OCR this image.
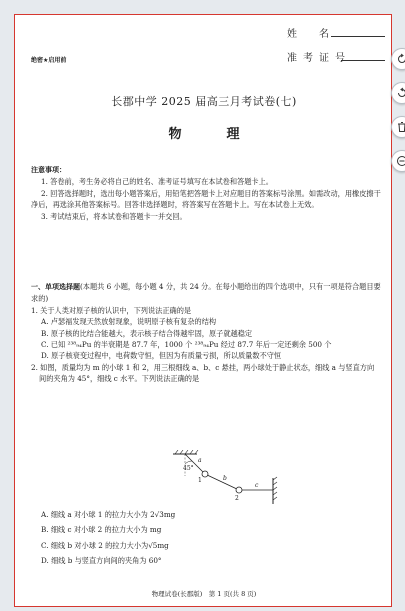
姓　名
准考证号
绝密★启用前
长郡中学 2025 届高三月考试卷(七)
物　理

注意事项：

1. 答卷前，考生务必将自己的姓名、准考证号填写在本试卷和答题卡上。

2. 回答选择题时，选出每小题答案后，用铅笔把答题卡上对应题目的答案标号涂黑。如需改动，用橡皮擦干净后，再选涂其他答案标号。回答非选择题时，将答案写在答题卡上。写在本试卷上无效。

3. 考试结束后，将本试卷和答题卡一并交回。

一、单项选择题(本题共 6 小题，每小题 4 分，共 24 分。在每小题给出的四个选项中，只有一项是符合题目要求的)

1. 关于人类对原子核的认识中，下列说法正确的是

A. 卢瑟福发现天然放射现象，说明原子核有复杂的结构

B. 原子核的比结合能越大，表示核子结合得越牢固，原子就越稳定

C. 已知 ²³⁸₉₄Pu 的半衰期是 87.7 年，1000 个 ²³⁸₉₄Pu 经过 87.7 年后一定还剩余 500 个

D. 原子核衰变过程中，电荷数守恒，但因为有质量亏损，所以质量数不守恒

2. 如图，质量均为 m 的小球 1 和 2，用三根细线 a、b、c 悬挂，两小球处于静止状态，细线 a 与竖直方向间的夹角为 45°，细线 c 水平。下列说法正确的是

45°
a
b
c
1
2

A. 细线 a 对小球 1 的拉力大小为 2√3mg

B. 细线 c 对小球 2 的拉力大小为 mg

C. 细线 b 对小球 2 的拉力大小为√5mg

D. 细线 b 与竖直方向间的夹角为 60°

物理试卷(长郡版)　第 1 页(共 8 页)
